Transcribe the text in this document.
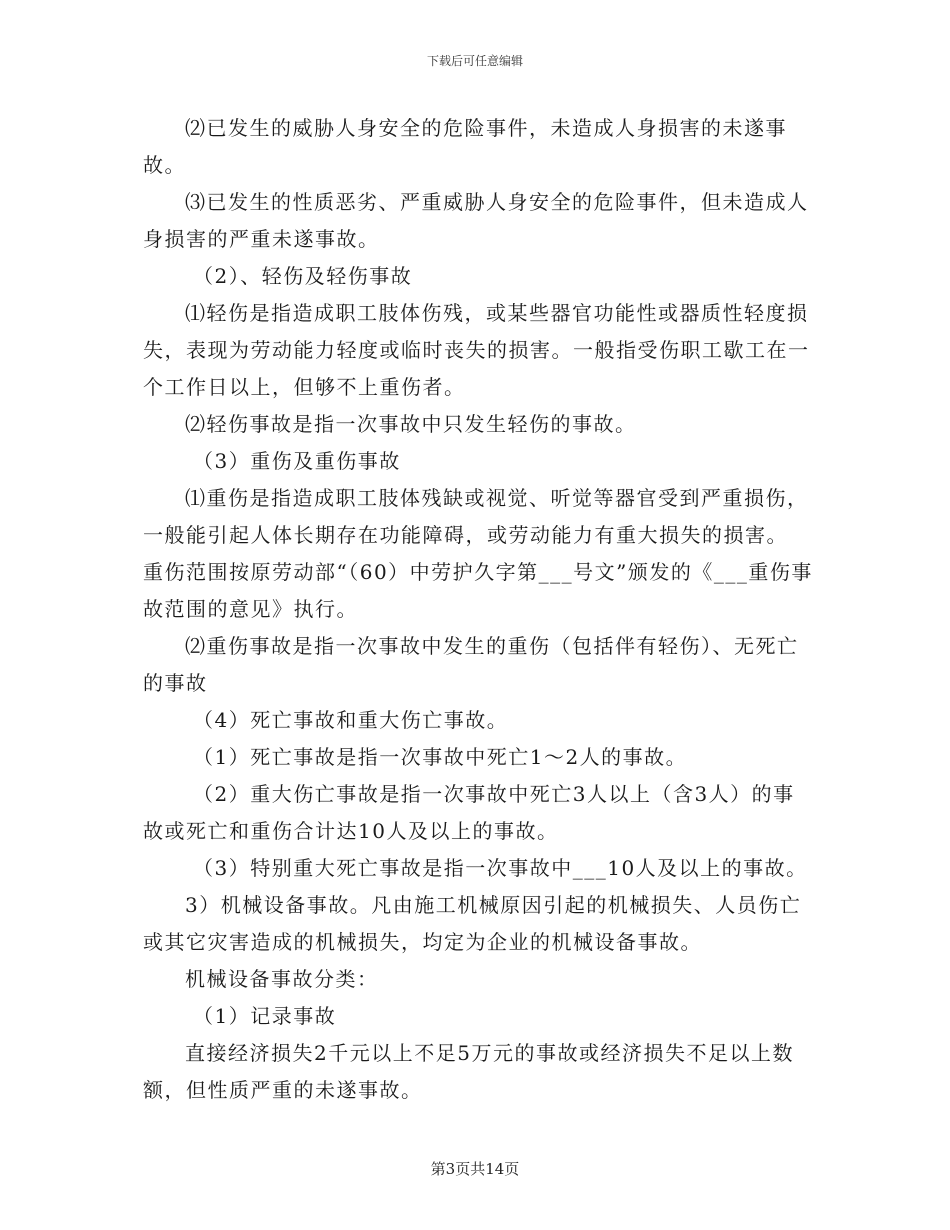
下载后可任意编辑

⑵已发生的威胁人身安全的危险事件，未造成人身损害的未遂事故。

⑶已发生的性质恶劣、严重威胁人身安全的危险事件，但未造成人身损害的严重未遂事故。

（2）、轻伤及轻伤事故

⑴轻伤是指造成职工肢体伤残，或某些器官功能性或器质性轻度损失，表现为劳动能力轻度或临时丧失的损害。一般指受伤职工歇工在一个工作日以上，但够不上重伤者。

⑵轻伤事故是指一次事故中只发生轻伤的事故。

（3）重伤及重伤事故

⑴重伤是指造成职工肢体残缺或视觉、听觉等器官受到严重损伤，一般能引起人体长期存在功能障碍，或劳动能力有重大损失的损害。

重伤范围按原劳动部“（60）中劳护久字第___号文”颁发的《___重伤事故范围的意见》执行。

⑵重伤事故是指一次事故中发生的重伤（包括伴有轻伤）、无死亡的事故

（4）死亡事故和重大伤亡事故。

（1）死亡事故是指一次事故中死亡1～2人的事故。

（2）重大伤亡事故是指一次事故中死亡3人以上（含3人）的事故或死亡和重伤合计达10人及以上的事故。

（3）特别重大死亡事故是指一次事故中___10人及以上的事故。

3）机械设备事故。凡由施工机械原因引起的机械损失、人员伤亡或其它灾害造成的机械损失，均定为企业的机械设备事故。

机械设备事故分类：

（1）记录事故

直接经济损失2千元以上不足5万元的事故或经济损失不足以上数额，但性质严重的未遂事故。

第3页共14页
